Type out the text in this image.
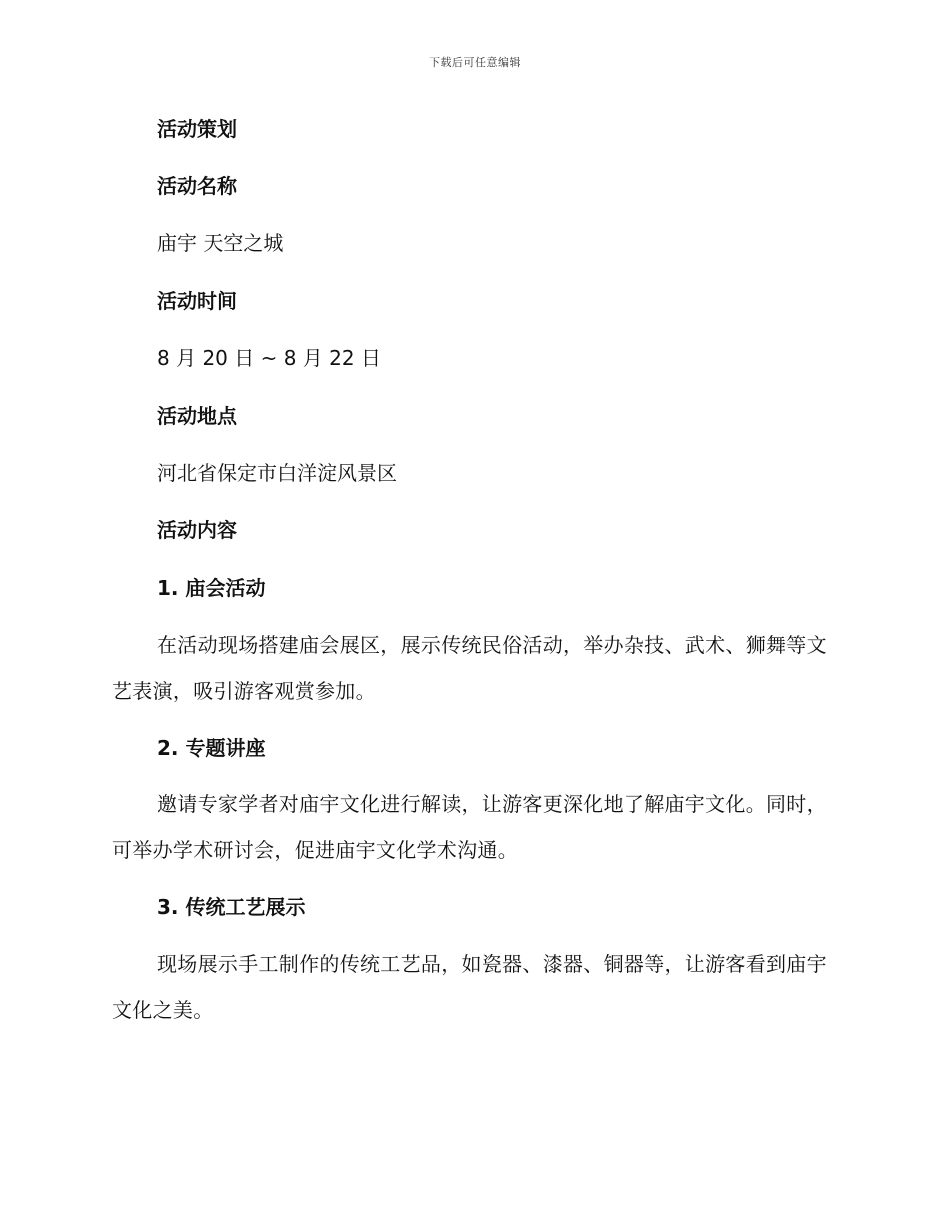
下载后可任意编辑
活动策划
活动名称
庙宇 天空之城
活动时间
8 月 20 日 ~ 8 月 22 日
活动地点
河北省保定市白洋淀风景区
活动内容
1. 庙会活动
在活动现场搭建庙会展区，展示传统民俗活动，举办杂技、武术、狮舞等文艺表演，吸引游客观赏参加。
2. 专题讲座
邀请专家学者对庙宇文化进行解读，让游客更深化地了解庙宇文化。同时，可举办学术研讨会，促进庙宇文化学术沟通。
3. 传统工艺展示
现场展示手工制作的传统工艺品，如瓷器、漆器、铜器等，让游客看到庙宇文化之美。
